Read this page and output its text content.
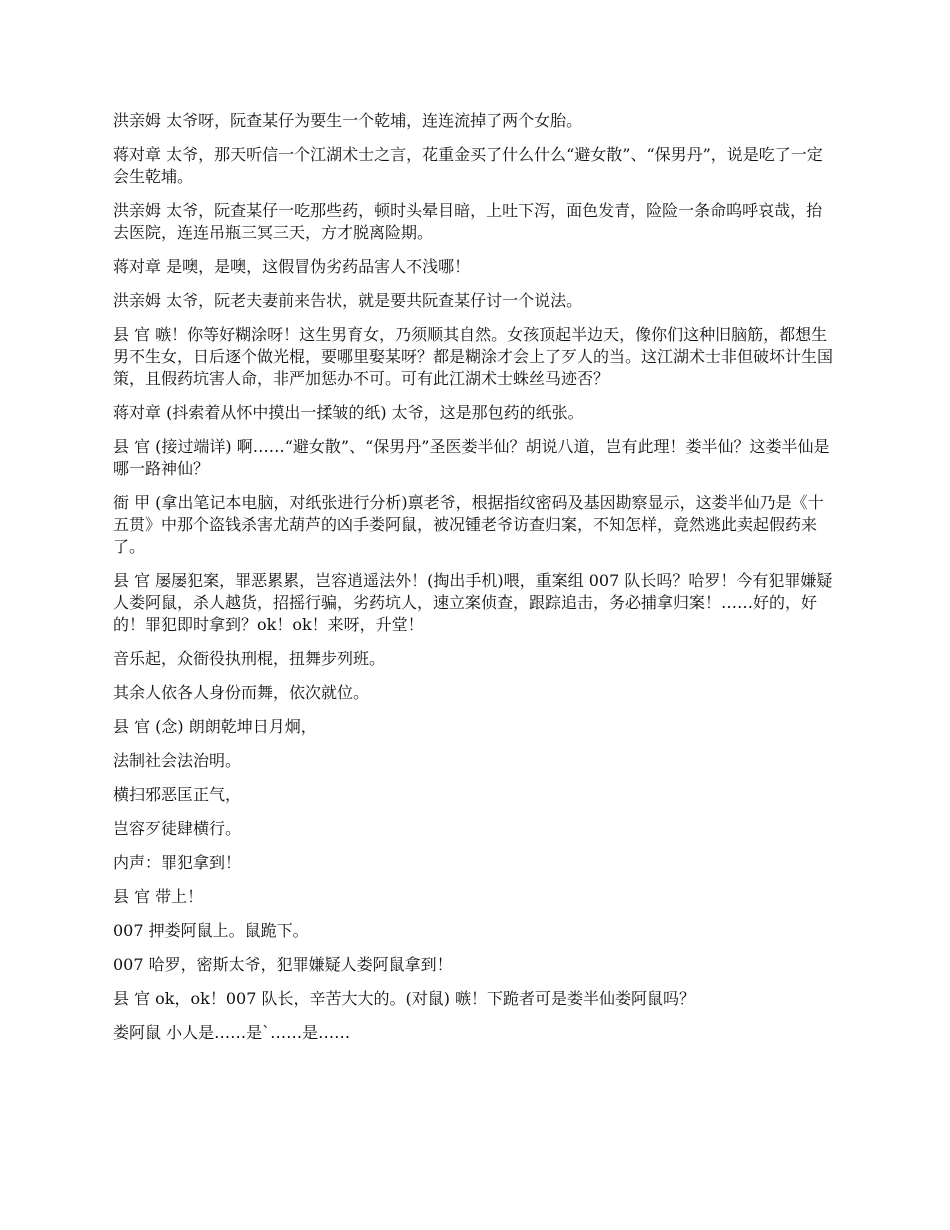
洪亲姆 太爷呀，阮查某仔为要生一个乾埔，连连流掉了两个女胎。

蒋对章 太爷，那天听信一个江湖术士之言，花重金买了什么什么“避女散”、“保男丹”，说是吃了一定会生乾埔。

洪亲姆 太爷，阮查某仔一吃那些药，顿时头晕目暗，上吐下泻，面色发青，险险一条命呜呼哀哉，抬去医院，连连吊瓶三冥三天，方才脱离险期。

蒋对章 是噢，是噢，这假冒伪劣药品害人不浅哪！

洪亲姆 太爷，阮老夫妻前来告状，就是要共阮查某仔讨一个说法。

县 官 嗾！你等好糊涂呀！这生男育女，乃须顺其自然。女孩顶起半边天，像你们这种旧脑筋，都想生男不生女，日后逐个做光棍，要哪里娶某呀？都是糊涂才会上了歹人的当。这江湖术士非但破坏计生国策，且假药坑害人命，非严加惩办不可。可有此江湖术士蛛丝马迹否？

蒋对章 (抖索着从怀中摸出一揉皱的纸) 太爷，这是那包药的纸张。

县 官 (接过端详) 啊……“避女散”、“保男丹”圣医娄半仙？胡说八道，岂有此理！娄半仙？这娄半仙是哪一路神仙？

衙 甲 (拿出笔记本电脑，对纸张进行分析)禀老爷，根据指纹密码及基因勘察显示，这娄半仙乃是《十五贯》中那个盗钱杀害尤葫芦的凶手娄阿鼠，被况锺老爷访查归案，不知怎样，竟然逃此卖起假药来了。

县 官 屡屡犯案，罪恶累累，岂容逍遥法外！(掏出手机)喂，重案组 007 队长吗？哈罗！今有犯罪嫌疑人娄阿鼠，杀人越货，招摇行骗，劣药坑人，速立案侦查，跟踪追击，务必捕拿归案！……好的，好的！罪犯即时拿到？ok！ok！来呀，升堂！

音乐起，众衙役执刑棍，扭舞步列班。

其余人依各人身份而舞，依次就位。

县 官 (念) 朗朗乾坤日月炯，

法制社会法治明。

横扫邪恶匡正气，

岂容歹徒肆横行。

内声：罪犯拿到！

县 官 带上！

007 押娄阿鼠上。鼠跪下。

007 哈罗，密斯太爷，犯罪嫌疑人娄阿鼠拿到！

县 官 ok，ok！007 队长，辛苦大大的。(对鼠) 嗾！下跪者可是娄半仙娄阿鼠吗？

娄阿鼠 小人是……是`……是……
